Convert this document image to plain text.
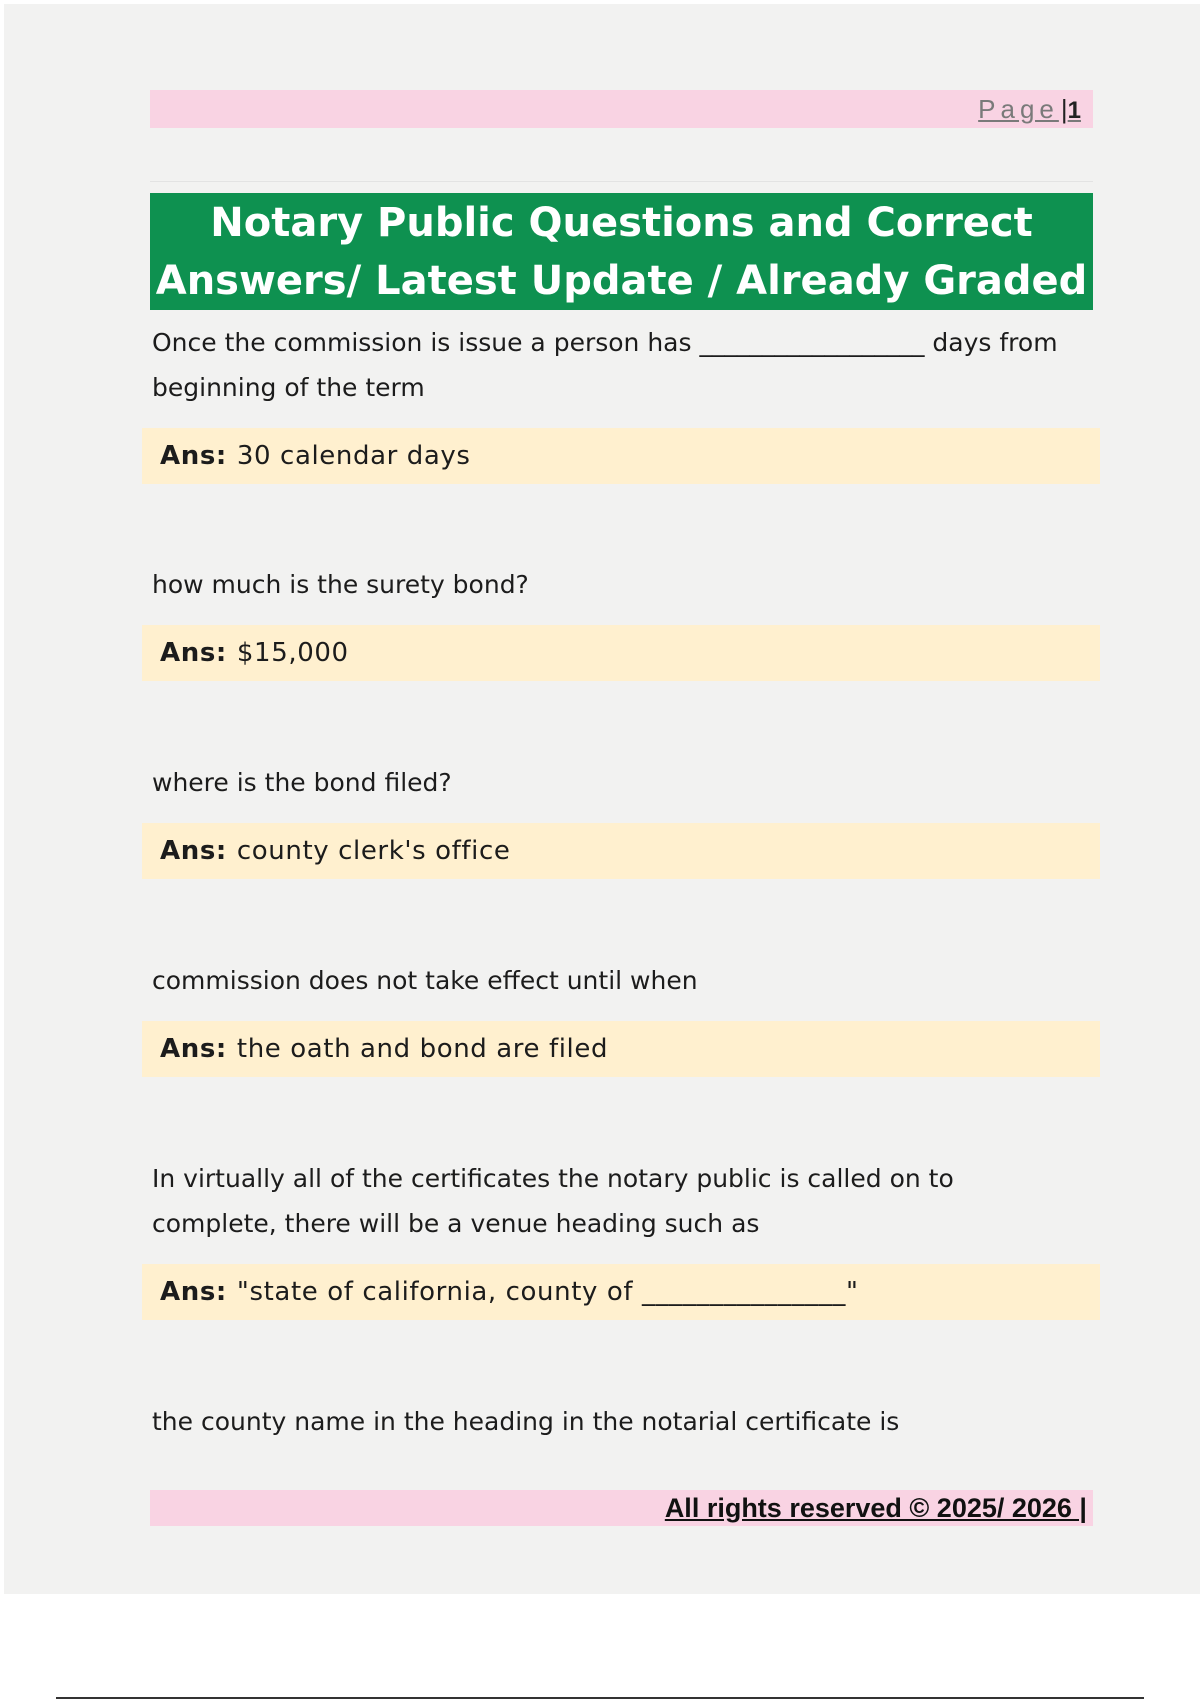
Page|1
Notary Public Questions and Correct Answers/ Latest Update / Already Graded

Once the commission is issue a person has __________________ days from beginning of the term

Ans: 30 calendar days

how much is the surety bond?

Ans: $15,000

where is the bond filed?

Ans: county clerk's office

commission does not take effect until when

Ans: the oath and bond are filed

In virtually all of the certificates the notary public is called on to complete, there will be a venue heading such as

Ans: "state of california, county of _______________"

the county name in the heading in the notarial certificate is

All rights reserved © 2025/ 2026 |
